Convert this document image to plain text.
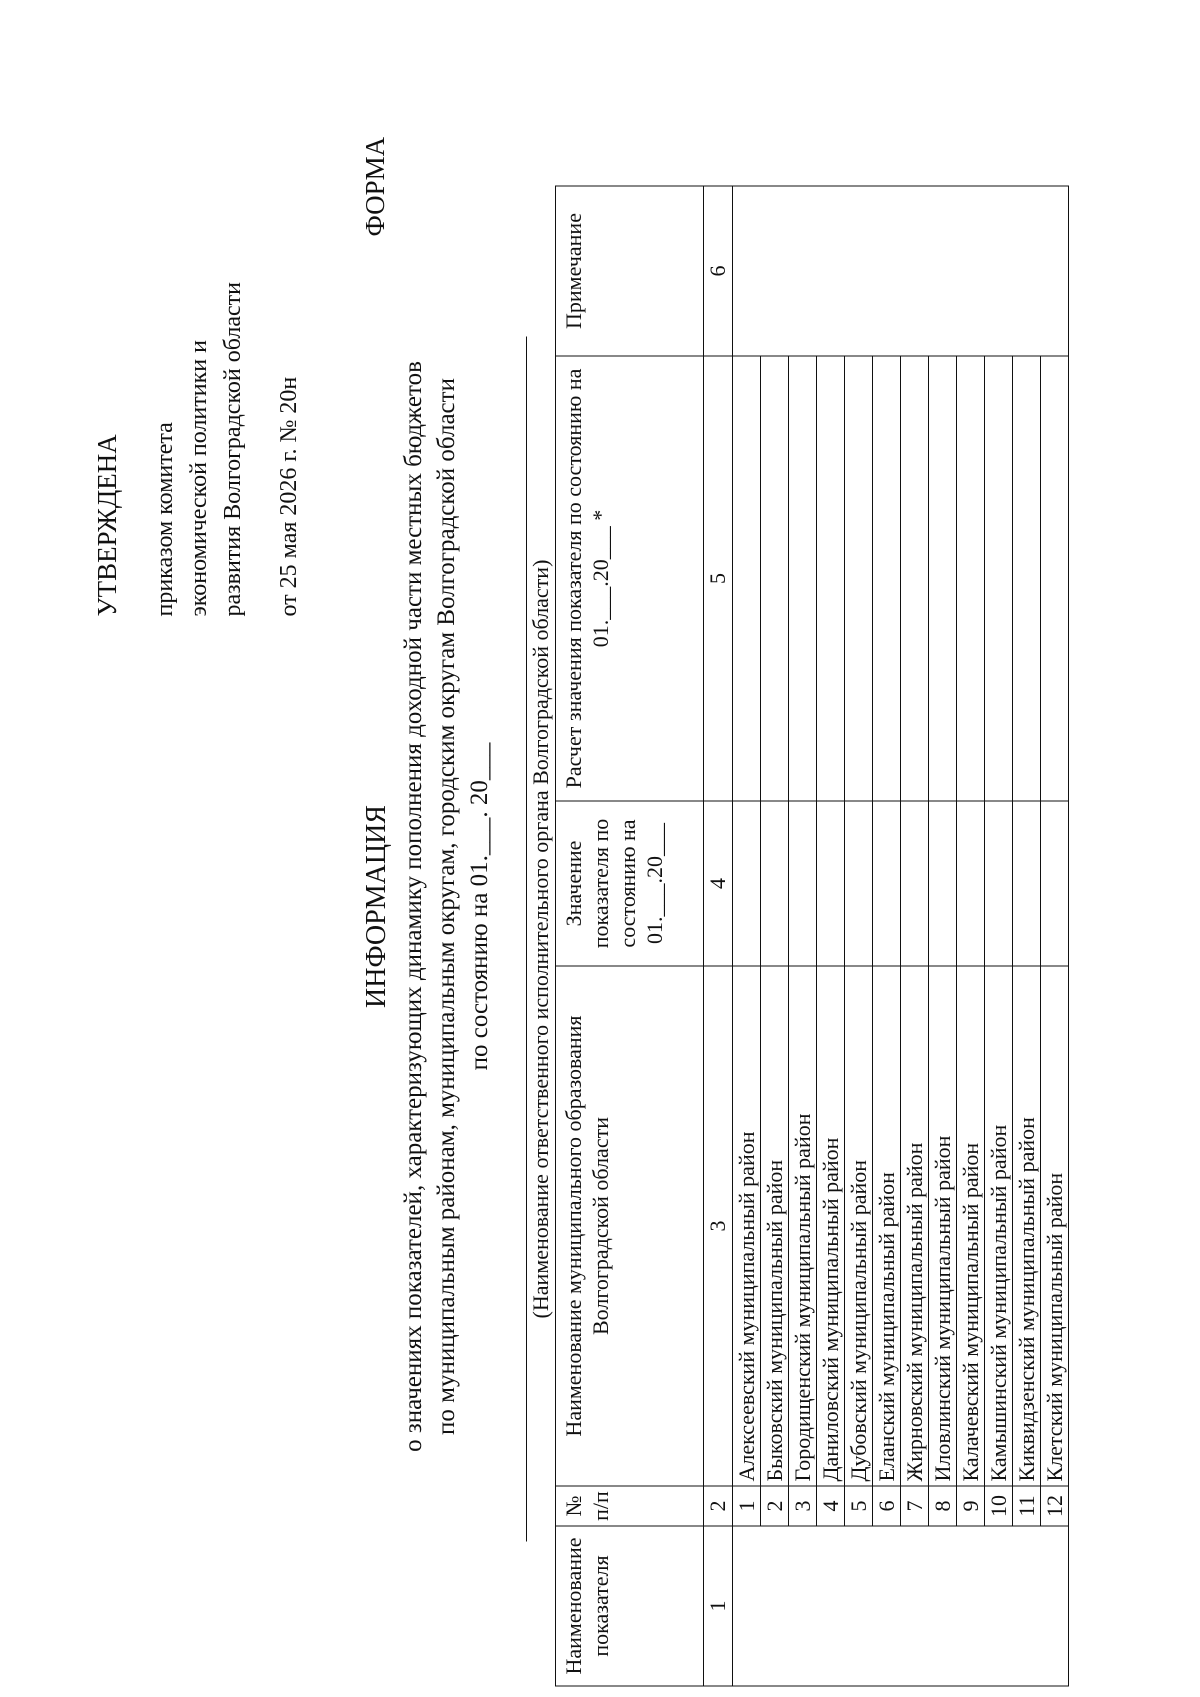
УТВЕРЖДЕНА приказом комитета экономической политики и развития Волгоградской области от 25 мая 2026 г. № 20н
ФОРМА
ИНФОРМАЦИЯ о значениях показателей, характеризующих динамику пополнения доходной части местных бюджетов по муниципальным районам, муниципальным округам, городским округам Волгоградской области по состоянию на 01.___. 20___ (Наименование ответственного исполнительного органа Волгоградской области)
Наименование показателя	№ п/п	Наименование муниципального образования Волгоградской области	Значение показателя по состоянию на 01.___.20___	Расчет значения показателя по состоянию на 01.___.20___ *	Примечание
1	2	3	4	5	6
	1	Алексеевский муниципальный район			
	2	Быковский муниципальный район			
	3	Городищенский муниципальный район			
	4	Даниловский муниципальный район			
	5	Дубовский муниципальный район			
	6	Еланский муниципальный район			
	7	Жирновский муниципальный район			
	8	Иловлинский муниципальный район			
	9	Калачевский муниципальный район			
	10	Камышинский муниципальный район			
	11	Киквидзенский муниципальный район			
	12	Клетский муниципальный район			
